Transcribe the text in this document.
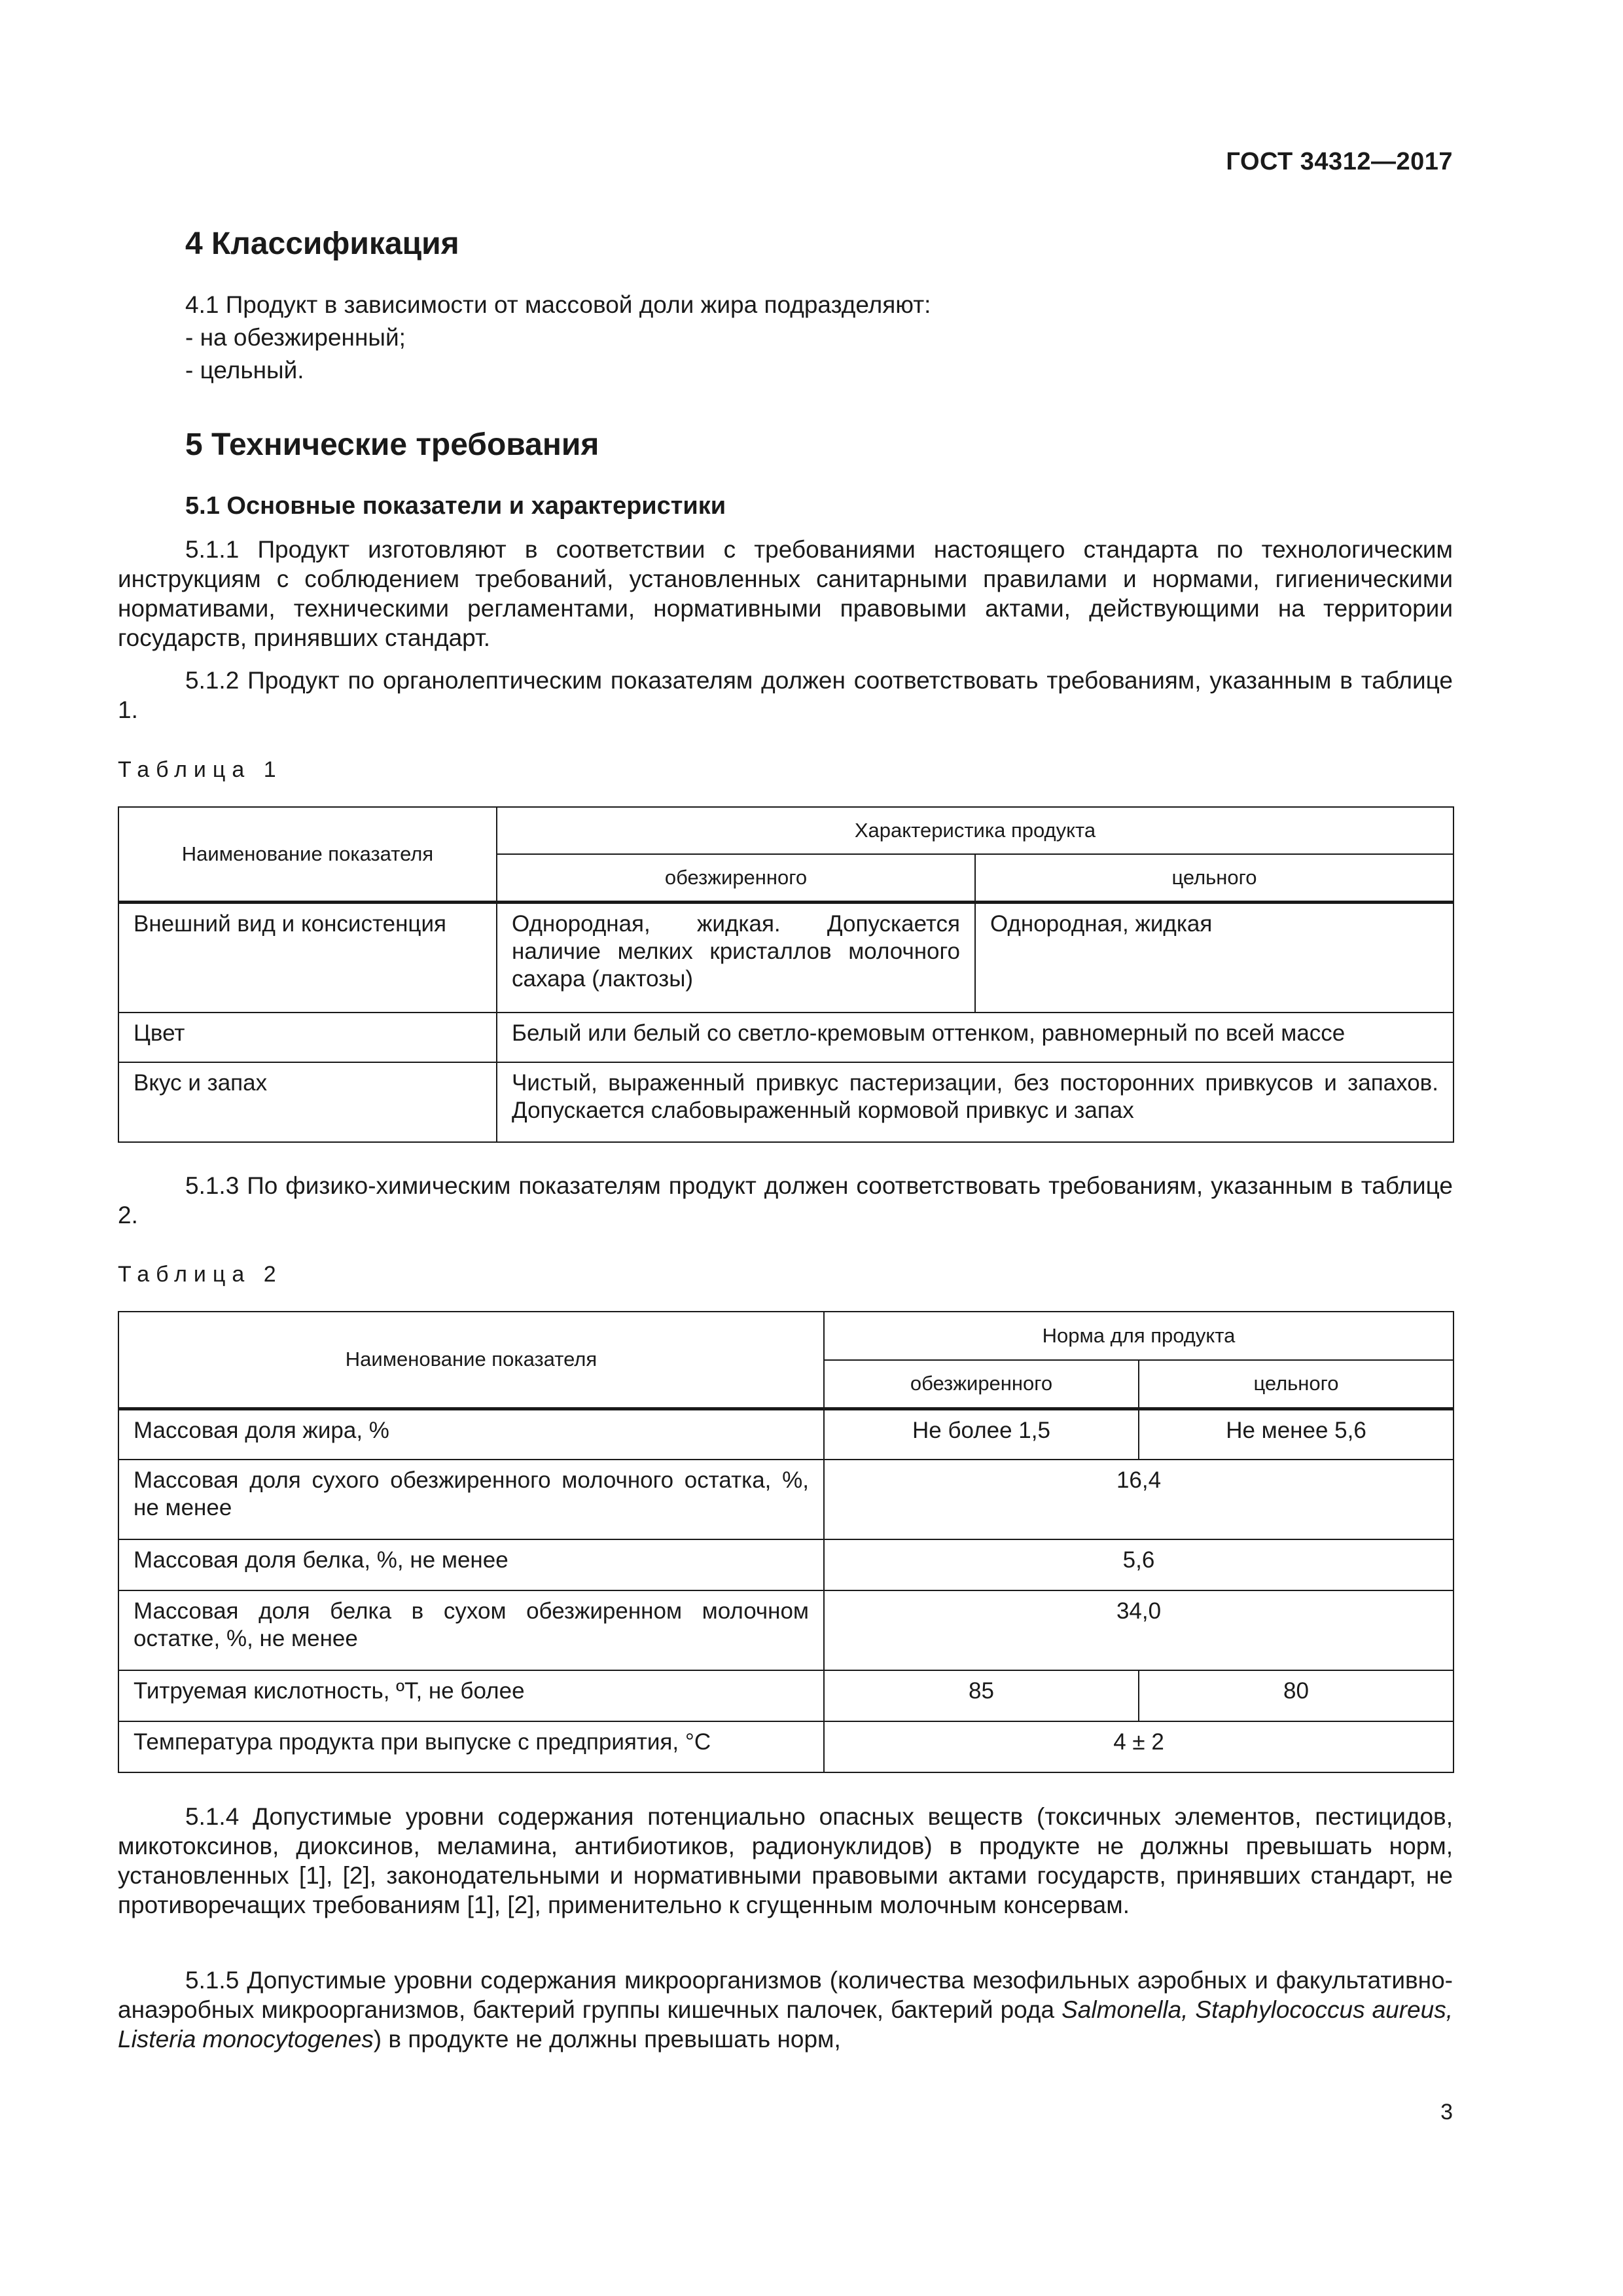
ГОСТ 34312—2017
4 Классификация

4.1 Продукт в зависимости от массовой доли жира подразделяют:

- на обезжиренный;

- цельный.

5 Технические требования
5.1 Основные показатели и характеристики

5.1.1 Продукт изготовляют в соответствии с требованиями настоящего стандарта по технологическим инструкциям с соблюдением требований, установленных санитарными правилами и нормами, гигиеническими нормативами, техническими регламентами, нормативными правовыми актами, действующими на территории государств, принявших стандарт.

5.1.2 Продукт по органолептическим показателям должен соответствовать требованиям, указанным в таблице 1.

Таблица 1

Наименование показателя	Характеристика продукта	
	обезжиренного	цельного
Внешний вид и консистенция	Однородная, жидкая. Допускается наличие мелких кристаллов молочного сахара (лактозы)	Однородная, жидкая
Цвет	Белый или белый со светло-кремовым оттенком, равномерный по всей массе	
Вкус и запах	Чистый, выраженный привкус пастеризации, без посторонних привкусов и запахов. Допускается слабовыраженный кормовой привкус и запах	

5.1.3 По физико-химическим показателям продукт должен соответствовать требованиям, указанным в таблице 2.

Таблица 2

Наименование показателя	Норма для продукта	
	обезжиренного	цельного
Массовая доля жира, %	Не более 1,5	Не менее 5,6
Массовая доля сухого обезжиренного молочного остатка, %, не менее	16,4	
Массовая доля белка, %, не менее	5,6	
Массовая доля белка в сухом обезжиренном молочном остатке, %, не менее	34,0	
Титруемая кислотность, ºТ, не более	85	80
Температура продукта при выпуске с предприятия, °С	4 ± 2	

5.1.4 Допустимые уровни содержания потенциально опасных веществ (токсичных элементов, пестицидов, микотоксинов, диоксинов, меламина, антибиотиков, радионуклидов) в продукте не должны превышать норм, установленных [1], [2], законодательными и нормативными правовыми актами государств, принявших стандарт, не противоречащих требованиям [1], [2], применительно к сгущенным молочным консервам.

5.1.5 Допустимые уровни содержания микроорганизмов (количества мезофильных аэробных и факультативно-анаэробных микроорганизмов, бактерий группы кишечных палочек, бактерий рода Salmonella, Staphylococcus aureus, Listeria monocytogenes) в продукте не должны превышать норм,

3
